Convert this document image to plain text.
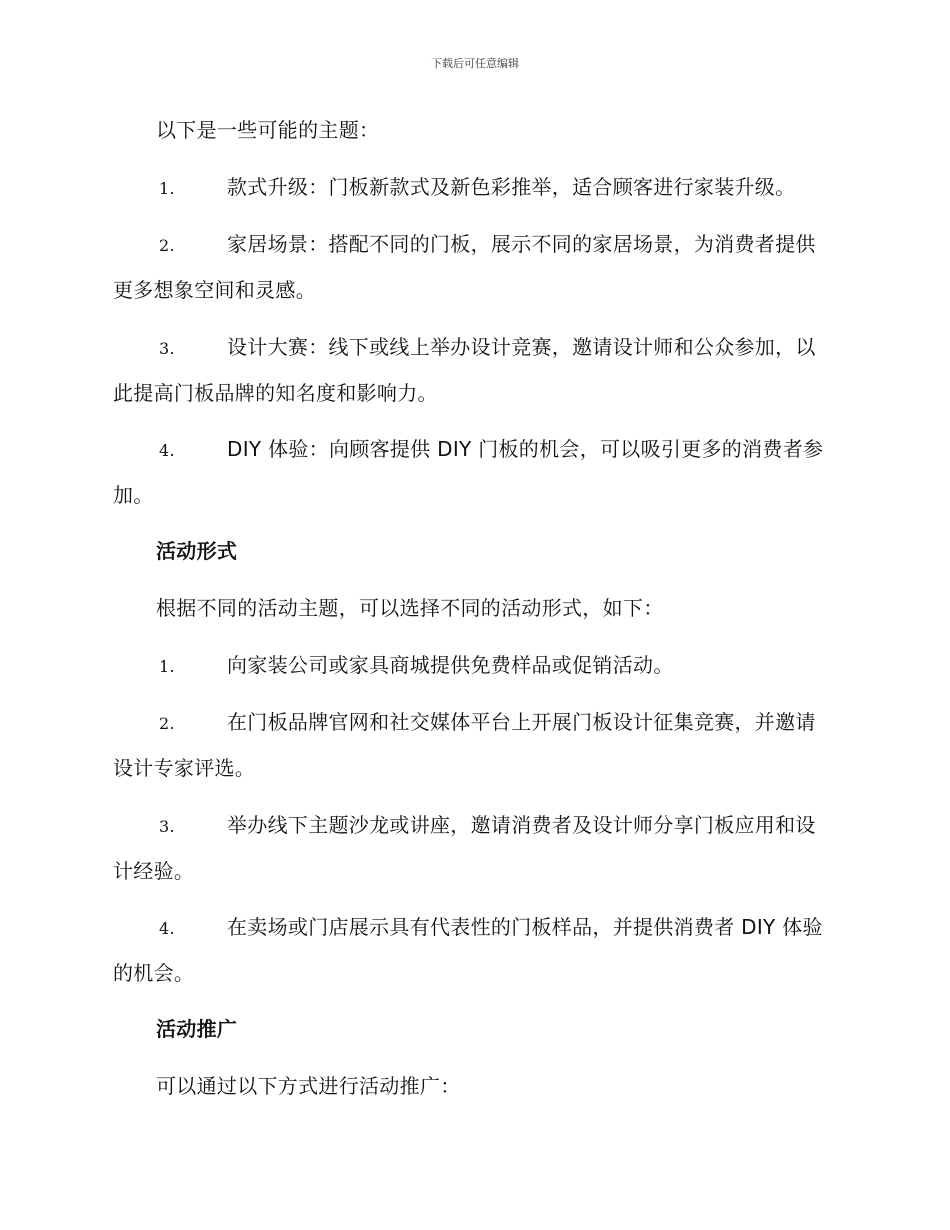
下载后可任意编辑
以下是一些可能的主题：
1.	款式升级：门板新款式及新色彩推举，适合顾客进行家装升级。
2.	家居场景：搭配不同的门板，展示不同的家居场景，为消费者提供更多想象空间和灵感。
3.	设计大赛：线下或线上举办设计竞赛，邀请设计师和公众参加，以此提高门板品牌的知名度和影响力。
4.	DIY 体验：向顾客提供 DIY 门板的机会，可以吸引更多的消费者参加。
活动形式
根据不同的活动主题，可以选择不同的活动形式，如下：
1.	向家装公司或家具商城提供免费样品或促销活动。
2.	在门板品牌官网和社交媒体平台上开展门板设计征集竞赛，并邀请设计专家评选。
3.	举办线下主题沙龙或讲座，邀请消费者及设计师分享门板应用和设计经验。
4.	在卖场或门店展示具有代表性的门板样品，并提供消费者 DIY 体验的机会。
活动推广
可以通过以下方式进行活动推广：
